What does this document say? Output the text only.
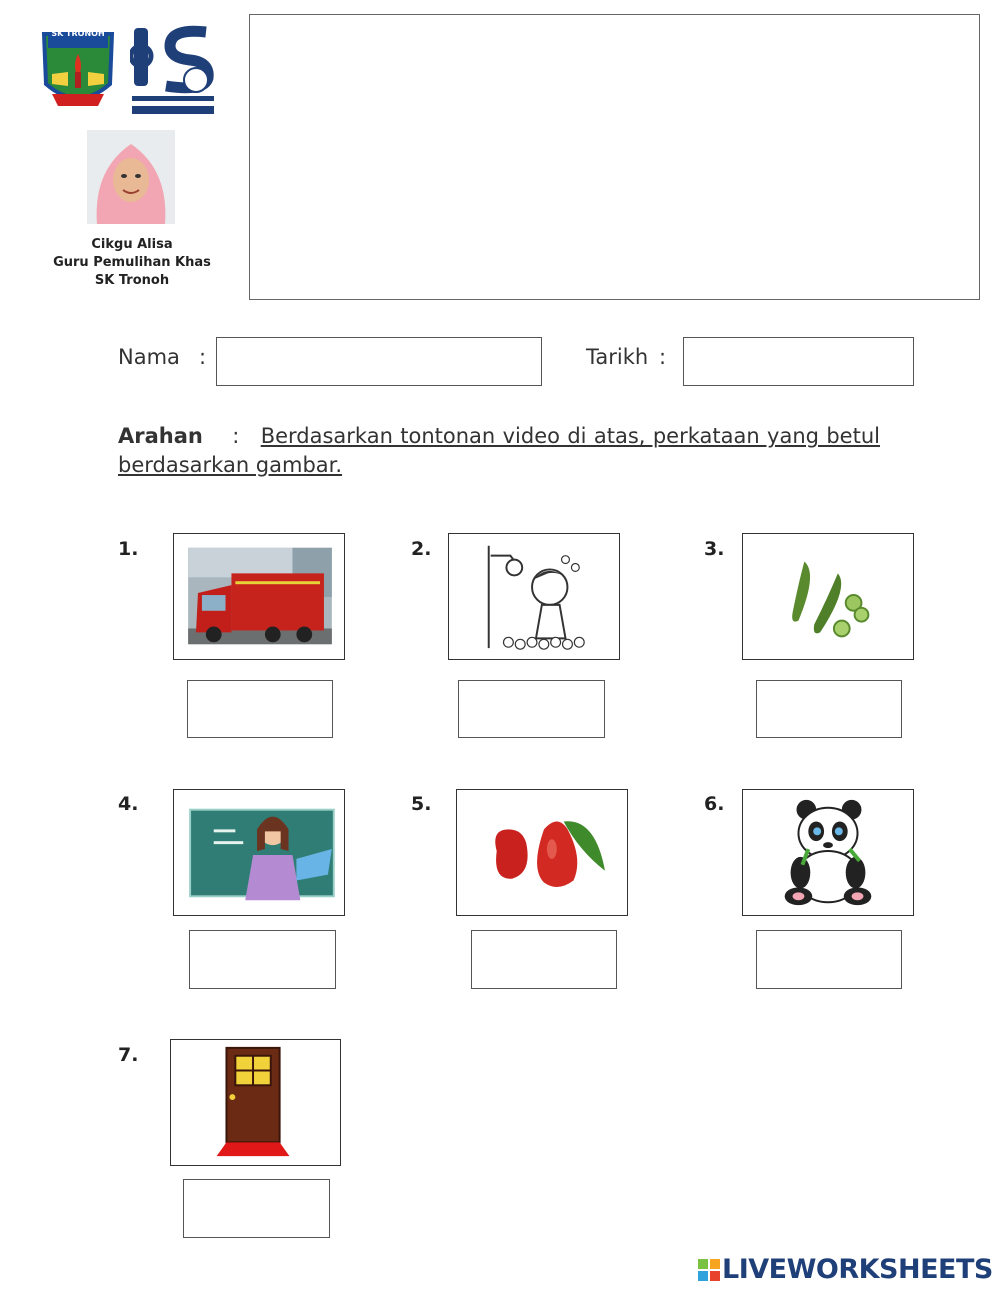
SK TRONOH
Cikgu Alisa
Guru Pemulihan Khas
SK Tronoh
Nama :	Tarikh :
Arahan : Berdasarkan tontonan video di atas, perkataan yang betul berdasarkan gambar.
1.	2.	3.
4.	5.	6.
7.
LIVEWORKSHEETS
